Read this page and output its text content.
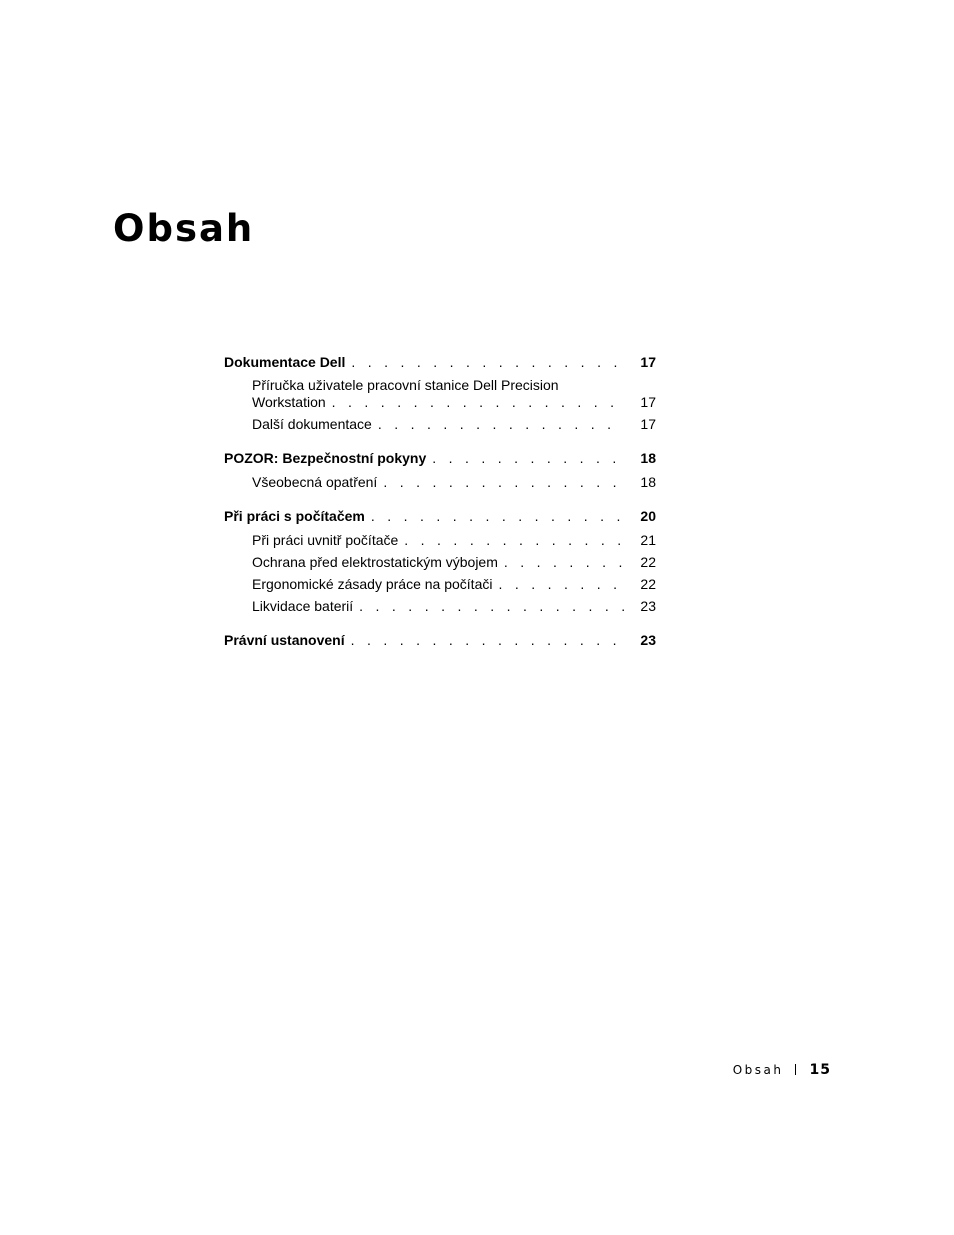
Obsah
Dokumentace Dell . . .	17
Příručka uživatele pracovní stanice Dell Precision
Workstation . . .	17
Další dokumentace . . .	17
POZOR: Bezpečnostní pokyny . . .	18
Všeobecná opatření . . .	18
Při práci s počítačem . . .	20
Při práci uvnitř počítače . . .	21
Ochrana před elektrostatickým výbojem . . .	22
Ergonomické zásady práce na počítači . . .	22
Likvidace baterií . . .	23
Právní ustanovení . . .	23
Obsah 15
